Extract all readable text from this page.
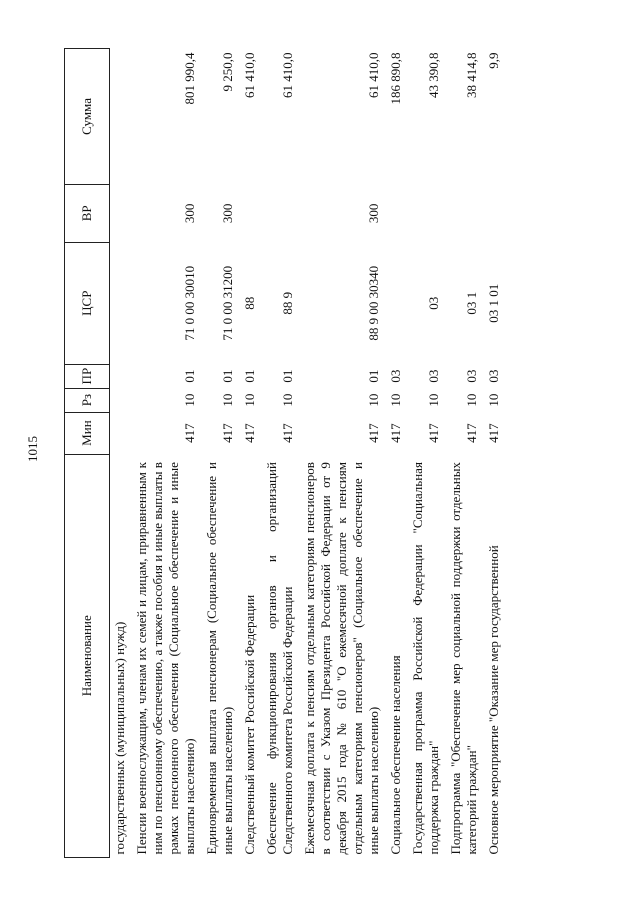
1015
Наименование	Мин	Рз	ПР	ЦСР	ВР	Сумма
государственных (муниципальных) нужд)						
Пенсии военнослужащим, членам их семей и лицам, приравненным к ним по пенсионному обеспечению, а также пособия и иные выплаты в рамках пенсионного обеспечения (Социальное обеспечение и иные выплаты населению)	417	10	01	71 0 00 30010	300	801 990,4
Единовременная выплата пенсионерам (Социальное обеспечение и иные выплаты населению)	417	10	01	71 0 00 31200	300	9 250,0
Следственный комитет Российской Федерации	417	10	01	88		61 410,0
Обеспечение функционирования органов и организаций Следственного комитета Российской Федерации	417	10	01	88 9		61 410,0
Ежемесячная доплата к пенсиям отдельным категориям пенсионеров в соответствии с Указом Президента Российской Федерации от 9 декабря 2015 года № 610 "О ежемесячной доплате к пенсиям отдельным категориям пенсионеров" (Социальное обеспечение и иные выплаты населению)	417	10	01	88 9 00 30340	300	61 410,0
Социальное обеспечение населения	417	10	03			186 890,8
Государственная программа Российской Федерации "Социальная поддержка граждан"	417	10	03	03		43 390,8
Подпрограмма "Обеспечение мер социальной поддержки отдельных категорий граждан"	417	10	03	03 1		38 414,8
Основное мероприятие "Оказание мер государственной	417	10	03	03 1 01		9,9
